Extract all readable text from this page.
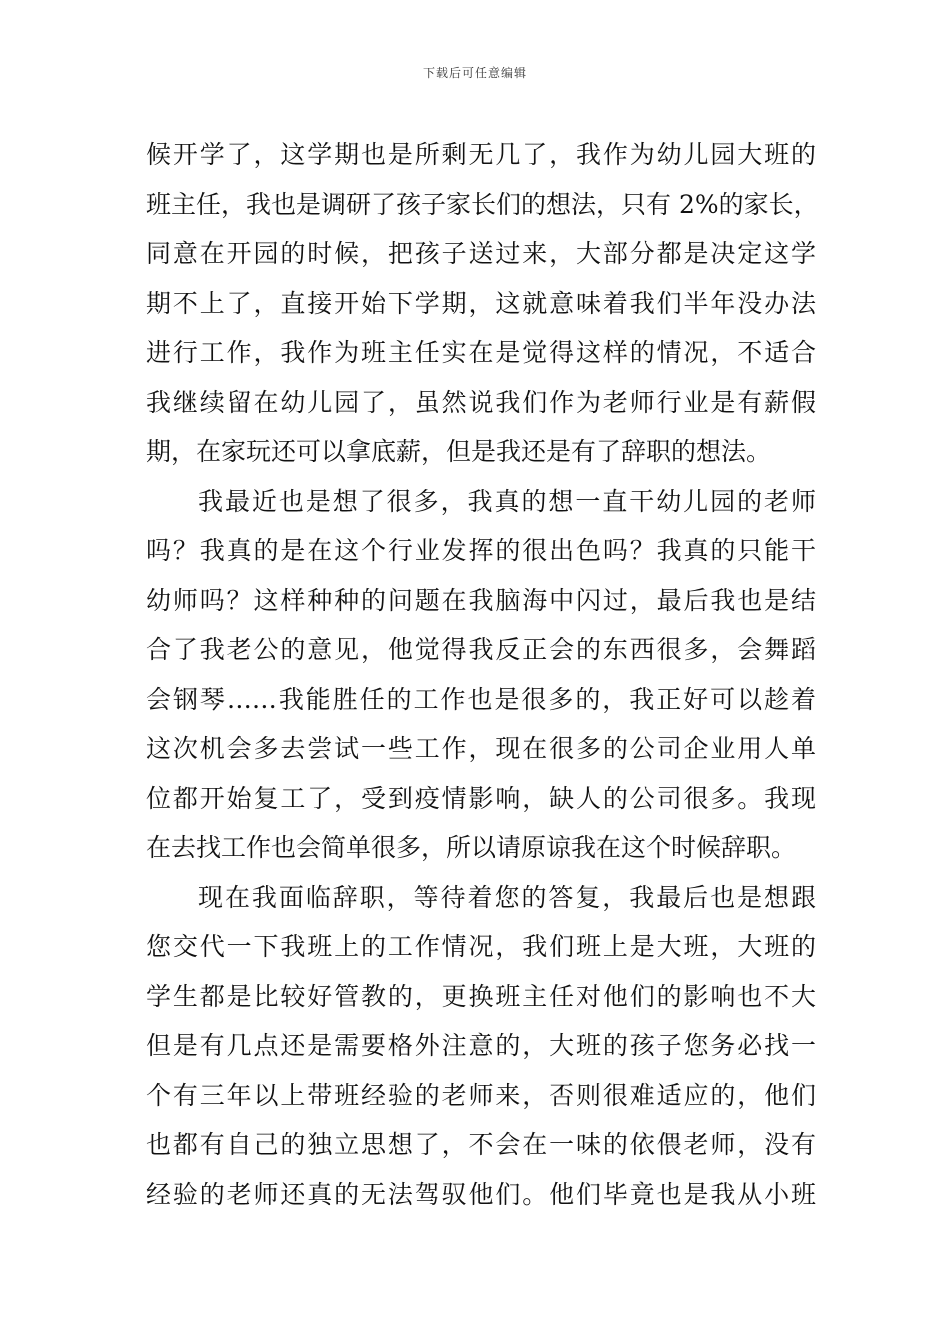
下载后可任意编辑
候开学了，这学期也是所剩无几了，我作为幼儿园大班的
班主任，我也是调研了孩子家长们的想法，只有 2%的家长，
同意在开园的时候，把孩子送过来，大部分都是决定这学
期不上了，直接开始下学期，这就意味着我们半年没办法
进行工作，我作为班主任实在是觉得这样的情况，不适合
我继续留在幼儿园了，虽然说我们作为老师行业是有薪假
期，在家玩还可以拿底薪，但是我还是有了辞职的想法。
我最近也是想了很多，我真的想一直干幼儿园的老师
吗？我真的是在这个行业发挥的很出色吗？我真的只能干
幼师吗？这样种种的问题在我脑海中闪过，最后我也是结
合了我老公的意见，他觉得我反正会的东西很多，会舞蹈
会钢琴……我能胜任的工作也是很多的，我正好可以趁着
这次机会多去尝试一些工作，现在很多的公司企业用人单
位都开始复工了，受到疫情影响，缺人的公司很多。我现
在去找工作也会简单很多，所以请原谅我在这个时候辞职。
现在我面临辞职，等待着您的答复，我最后也是想跟
您交代一下我班上的工作情况，我们班上是大班，大班的
学生都是比较好管教的，更换班主任对他们的影响也不大
但是有几点还是需要格外注意的，大班的孩子您务必找一
个有三年以上带班经验的老师来，否则很难适应的，他们
也都有自己的独立思想了，不会在一味的依偎老师，没有
经验的老师还真的无法驾驭他们。他们毕竟也是我从小班
